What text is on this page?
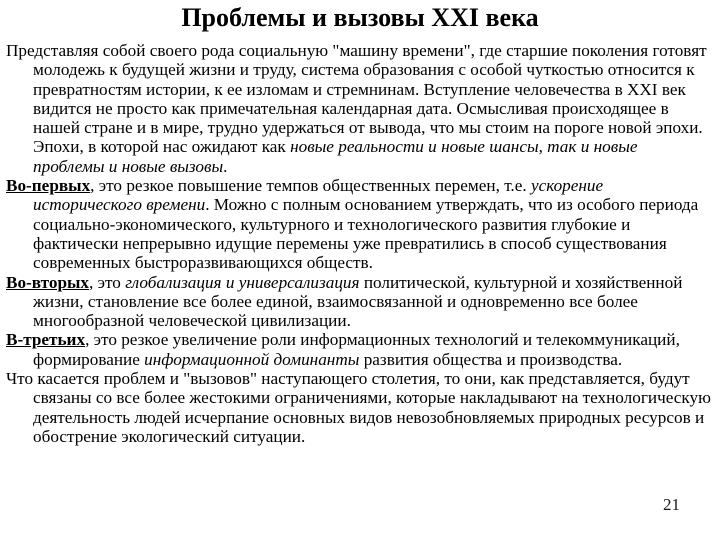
Проблемы и вызовы XXI века

Представляя собой своего рода социальную "машину времени", где старшие поколения готовят молодежь к будущей жизни и труду, система образования с особой чуткостью относится к превратностям истории, к ее изломам и стремнинам. Вступление человечества в XXI век видится не просто как примечательная календарная дата. Осмысливая происходящее в нашей стране и в мире, трудно удержаться от вывода, что мы стоим на пороге новой эпохи. Эпохи, в которой нас ожидают как новые реальности и новые шансы, так и новые проблемы и новые вызовы.

Во-первых, это резкое повышение темпов общественных перемен, т.е. ускорение исторического времени. Можно с полным основанием утверждать, что из особого периода социально-экономического, культурного и технологического развития глубокие и фактически непрерывно идущие перемены уже превратились в способ существования современных быстроразвивающихся обществ.

Во-вторых, это глобализация и универсализация политической, культурной и хозяйственной жизни, становление все более единой, взаимосвязанной и одновременно все более многообразной человеческой цивилизации.

В-третьих, это резкое увеличение роли информационных технологий и телекоммуникаций, формирование информационной доминанты развития общества и производства.

Что касается проблем и "вызовов" наступающего столетия, то они, как представляется, будут связаны со все более жестокими ограничениями, которые накладывают на технологическую деятельность людей исчерпание основных видов невозобновляемых природных ресурсов и обострение экологический ситуации.

21
